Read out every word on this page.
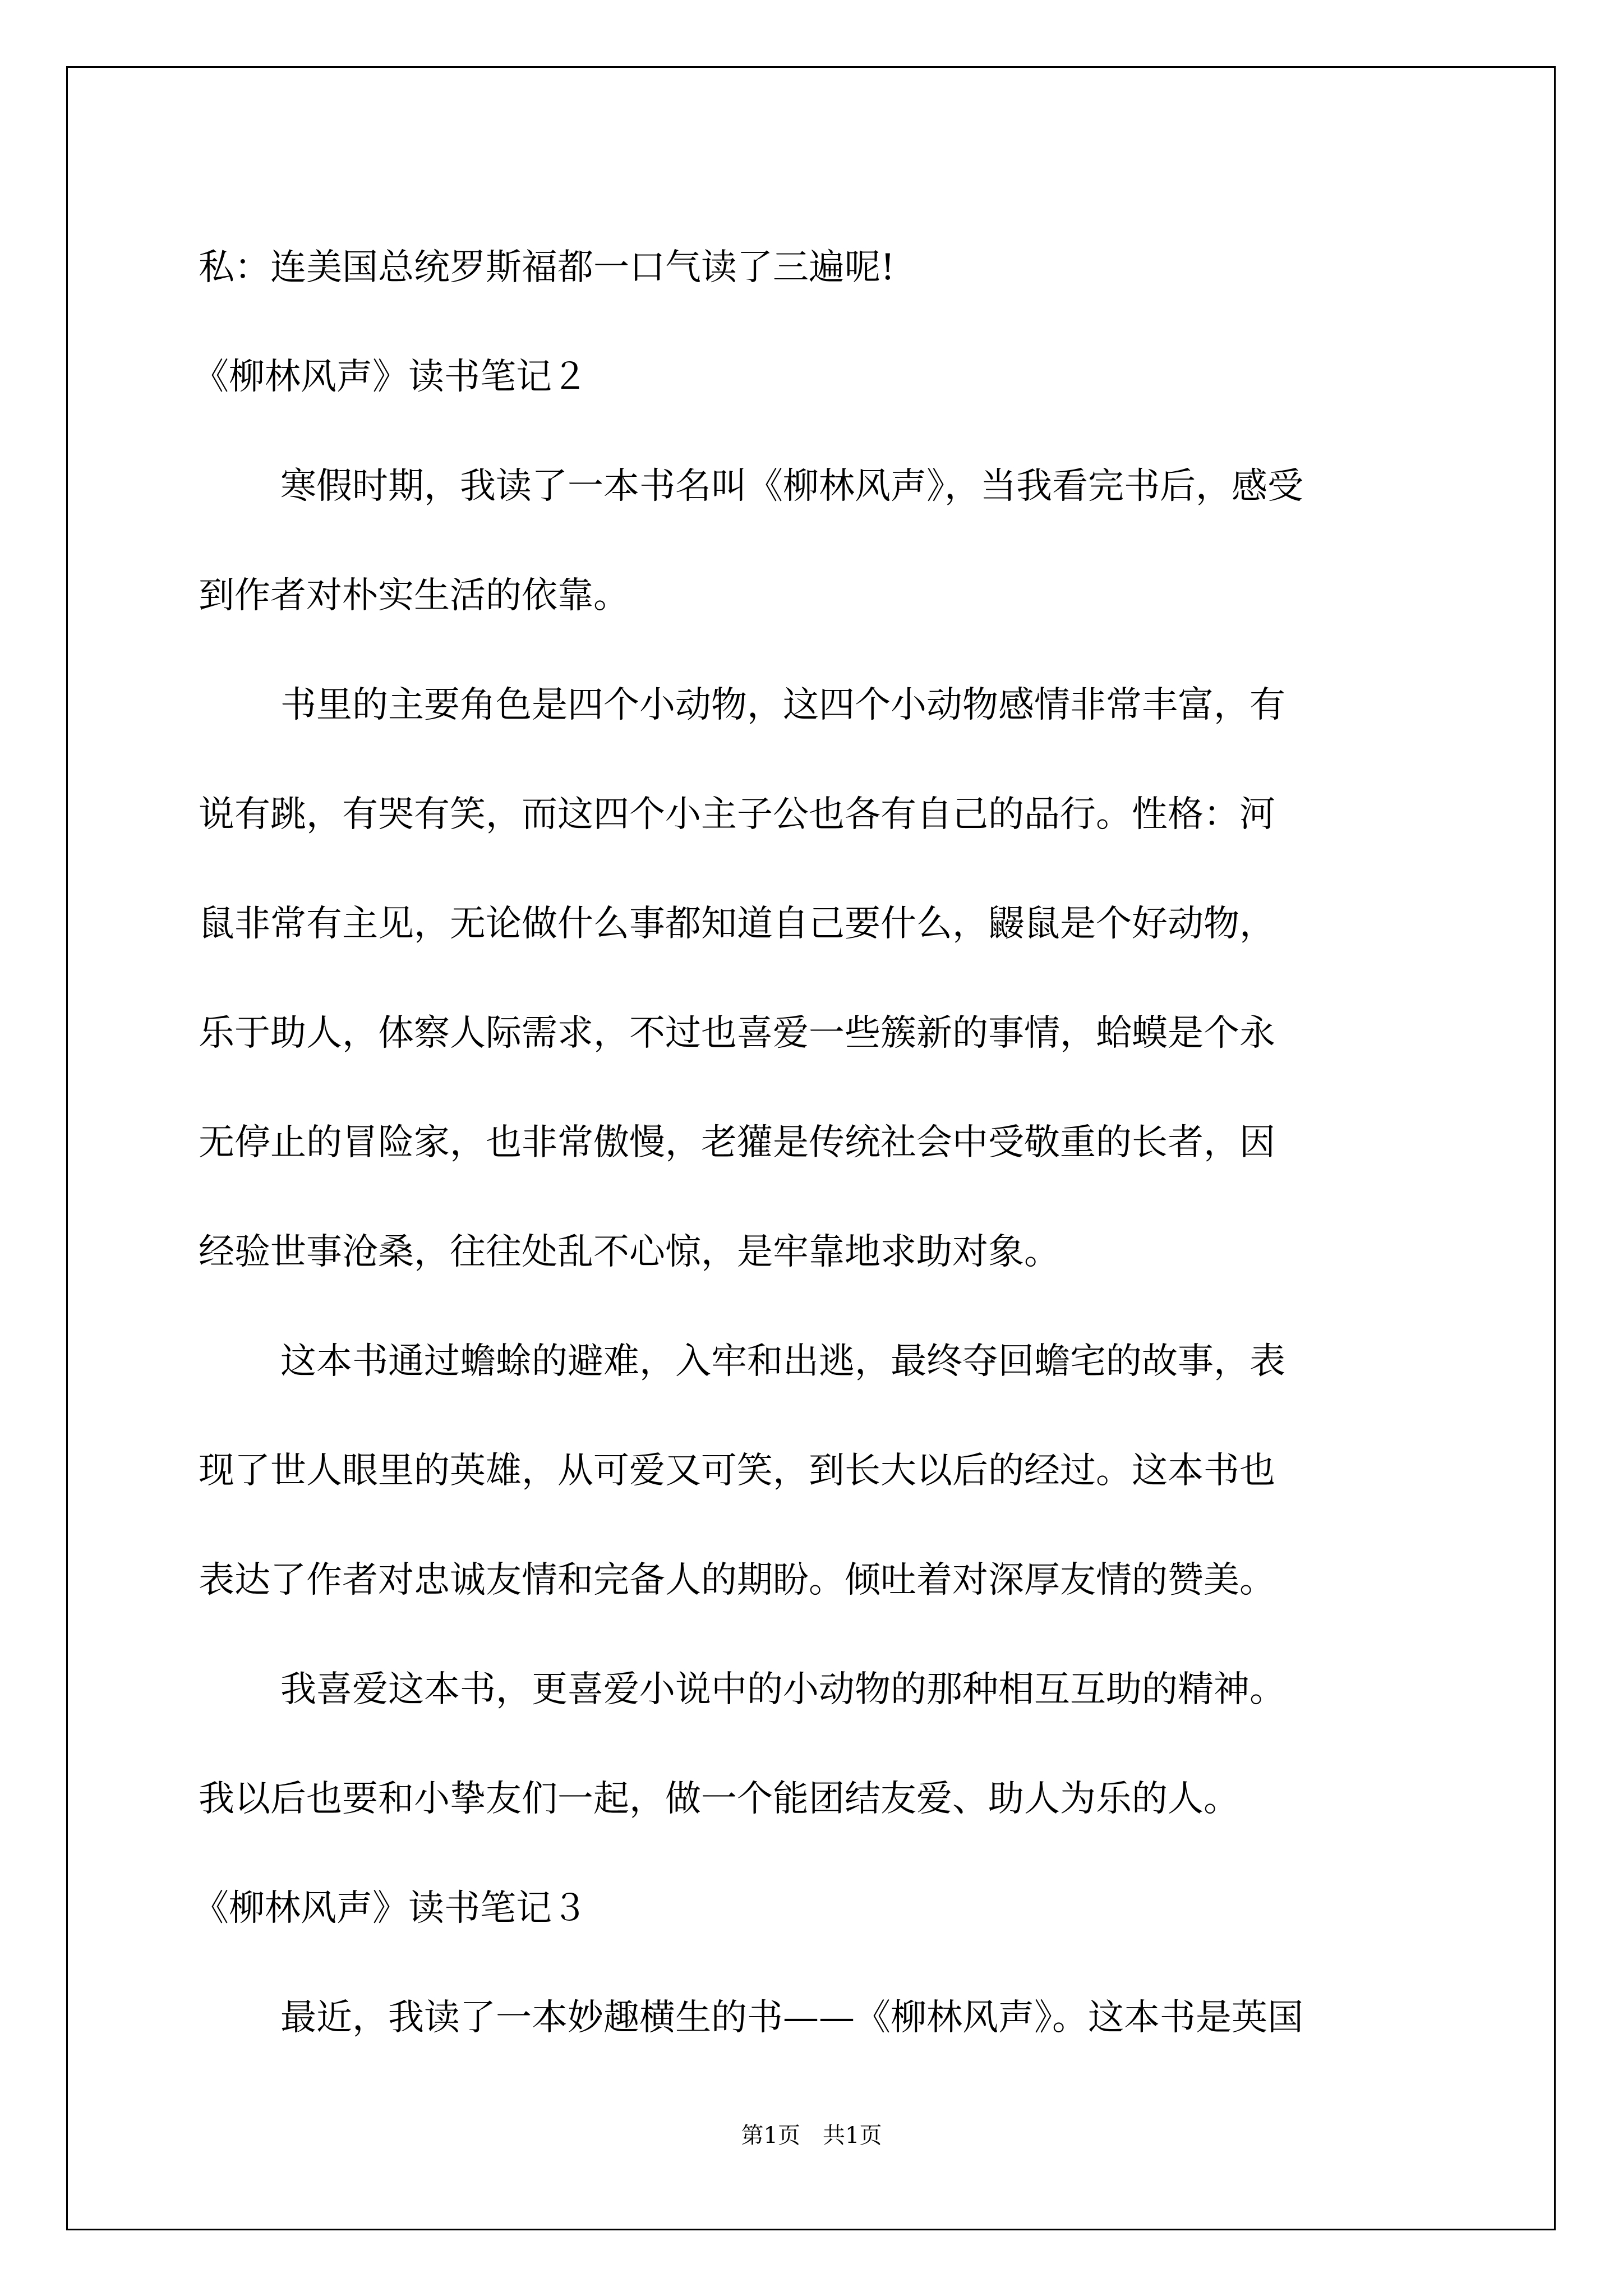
私：连美国总统罗斯福都一口气读了三遍呢!
《柳林风声》读书笔记２
寒假时期，我读了一本书名叫《柳林风声》，当我看完书后，感受
到作者对朴实生活的依靠。
书里的主要角色是四个小动物，这四个小动物感情非常丰富，有
说有跳，有哭有笑，而这四个小主子公也各有自己的品行。性格：河
鼠非常有主见，无论做什么事都知道自己要什么，鼹鼠是个好动物，
乐于助人，体察人际需求，不过也喜爱一些簇新的事情，蛤蟆是个永
无停止的冒险家，也非常傲慢，老獾是传统社会中受敬重的长者，因
经验世事沧桑，往往处乱不心惊，是牢靠地求助对象。
这本书通过蟾蜍的避难，入牢和出逃，最终夺回蟾宅的故事，表
现了世人眼里的英雄，从可爱又可笑，到长大以后的经过。这本书也
表达了作者对忠诚友情和完备人的期盼。倾吐着对深厚友情的赞美。
我喜爱这本书，更喜爱小说中的小动物的那种相互互助的精神。
我以后也要和小挚友们一起，做一个能团结友爱、助人为乐的人。
《柳林风声》读书笔记３
最近，我读了一本妙趣横生的书——《柳林风声》。这本书是英国
第1页　共1页
